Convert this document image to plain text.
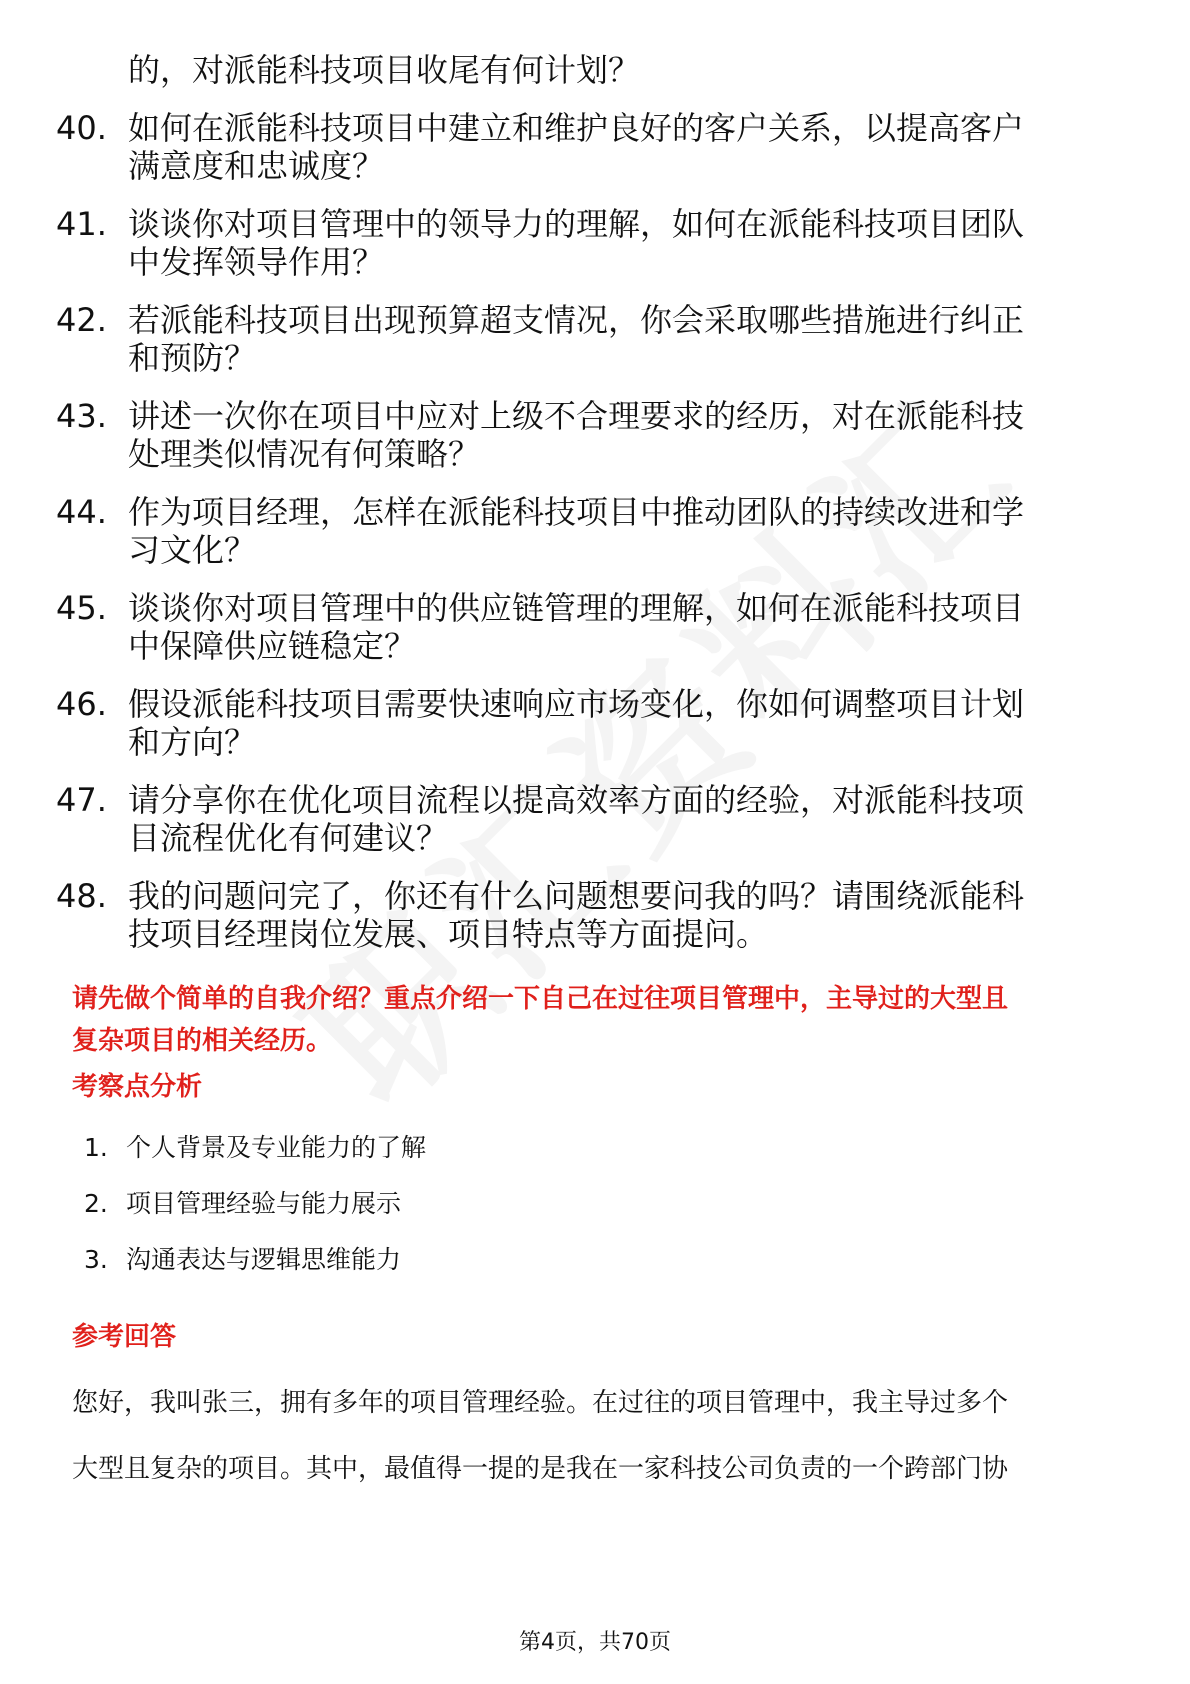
的，对派能科技项目收尾有何计划？
40. 如何在派能科技项目中建立和维护良好的客户关系，以提高客户
满意度和忠诚度？
41. 谈谈你对项目管理中的领导力的理解，如何在派能科技项目团队
中发挥领导作用？
42. 若派能科技项目出现预算超支情况，你会采取哪些措施进行纠正
和预防？
43. 讲述一次你在项目中应对上级不合理要求的经历，对在派能科技
处理类似情况有何策略？
44. 作为项目经理，怎样在派能科技项目中推动团队的持续改进和学
习文化？
45. 谈谈你对项目管理中的供应链管理的理解，如何在派能科技项目
中保障供应链稳定？
46. 假设派能科技项目需要快速响应市场变化，你如何调整项目计划
和方向？
47. 请分享你在优化项目流程以提高效率方面的经验，对派能科技项
目流程优化有何建议？
48. 我的问题问完了，你还有什么问题想要问我的吗？请围绕派能科
技项目经理岗位发展、项目特点等方面提问。
请先做个简单的自我介绍？重点介绍一下自己在过往项目管理中，主导过的大型且
复杂项目的相关经历。
考察点分析
1. 个人背景及专业能力的了解
2. 项目管理经验与能力展示
3. 沟通表达与逻辑思维能力
参考回答
您好，我叫张三，拥有多年的项目管理经验。在过往的项目管理中，我主导过多个
大型且复杂的项目。其中，最值得一提的是我在一家科技公司负责的一个跨部门协
第4页，共70页
